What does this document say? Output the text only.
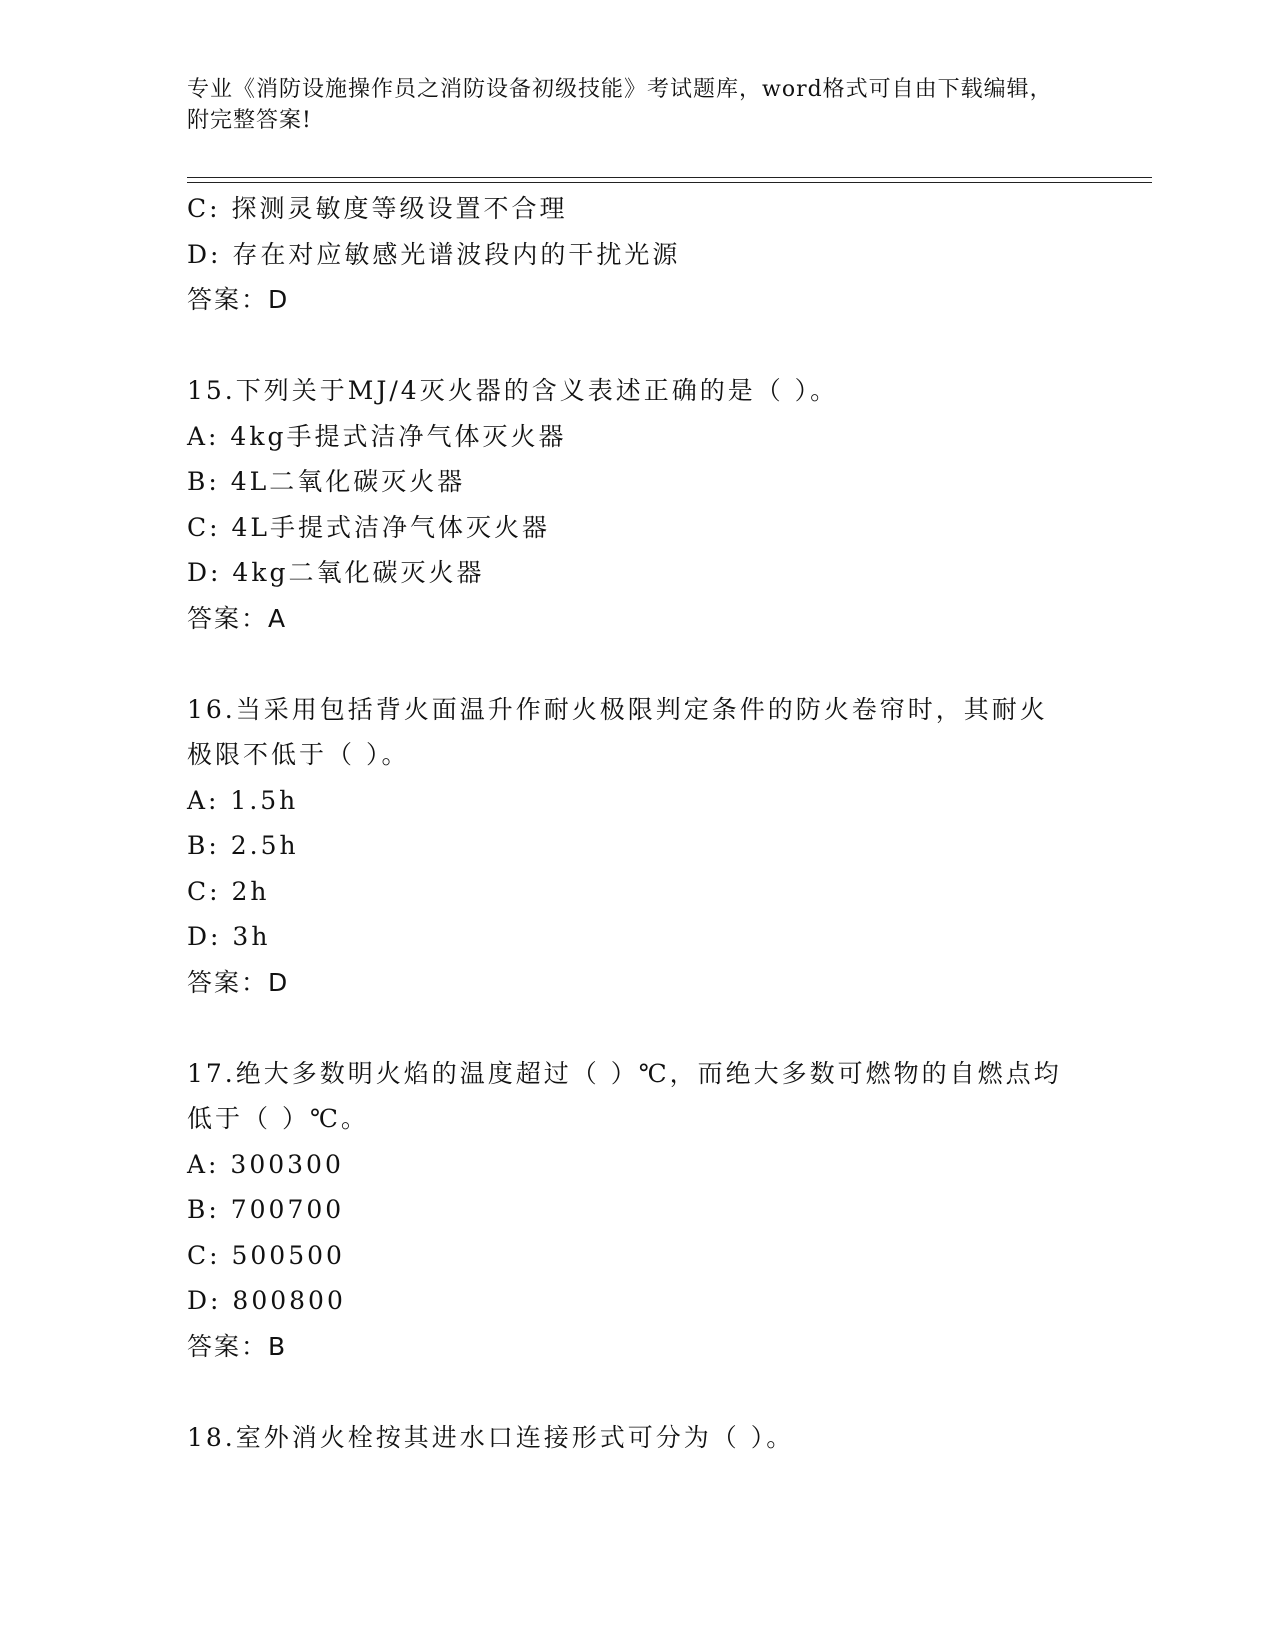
专业《消防设施操作员之消防设备初级技能》考试题库，word格式可自由下载编辑，附完整答案!
C: 探测灵敏度等级设置不合理
D: 存在对应敏感光谱波段内的干扰光源
答案：D
15.下列关于MJ/4灭火器的含义表述正确的是（ ）。
A: 4kg手提式洁净气体灭火器
B: 4L二氧化碳灭火器
C: 4L手提式洁净气体灭火器
D: 4kg二氧化碳灭火器
答案：A
16.当采用包括背火面温升作耐火极限判定条件的防火卷帘时，其耐火极限不低于（ ）。
A: 1.5h
B: 2.5h
C: 2h
D: 3h
答案：D
17.绝大多数明火焰的温度超过（ ）℃，而绝大多数可燃物的自燃点均低于（ ）℃。
A: 300300
B: 700700
C: 500500
D: 800800
答案：B
18.室外消火栓按其进水口连接形式可分为（ ）。
